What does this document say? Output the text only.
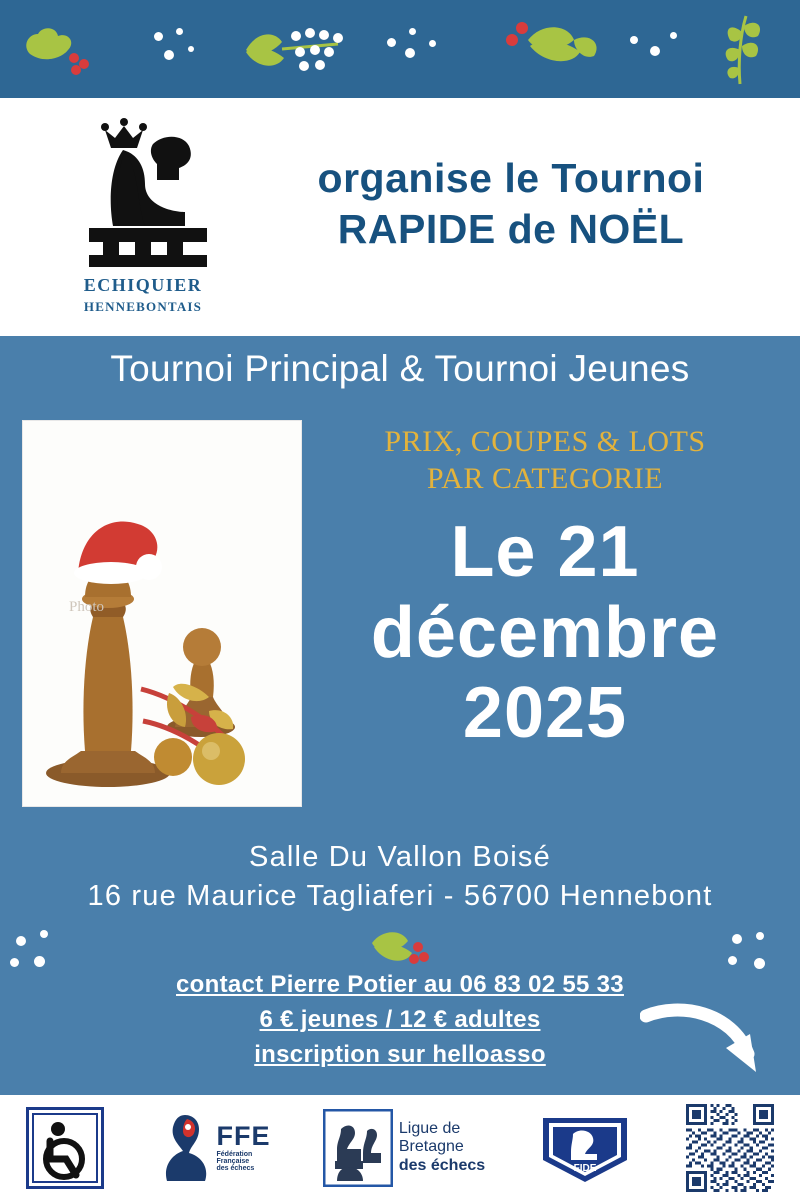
ECHIQUIER
HENNEBONTAIS
organise le Tournoi
RAPIDE de NOËL
Tournoi Principal & Tournoi Jeunes
Photo
PRIX, COUPES & LOTS
PAR CATEGORIE
Le 21
décembre
2025
Salle Du Vallon Boisé
16 rue Maurice Tagliaferi - 56700 Hennebont
contact Pierre Potier au 06 83 02 55 33
6 € jeunes / 12 € adultes
inscription sur helloasso
FFE
Fédération
Française
des échecs
Ligue de
Bretagne
des échecs	FIDE
